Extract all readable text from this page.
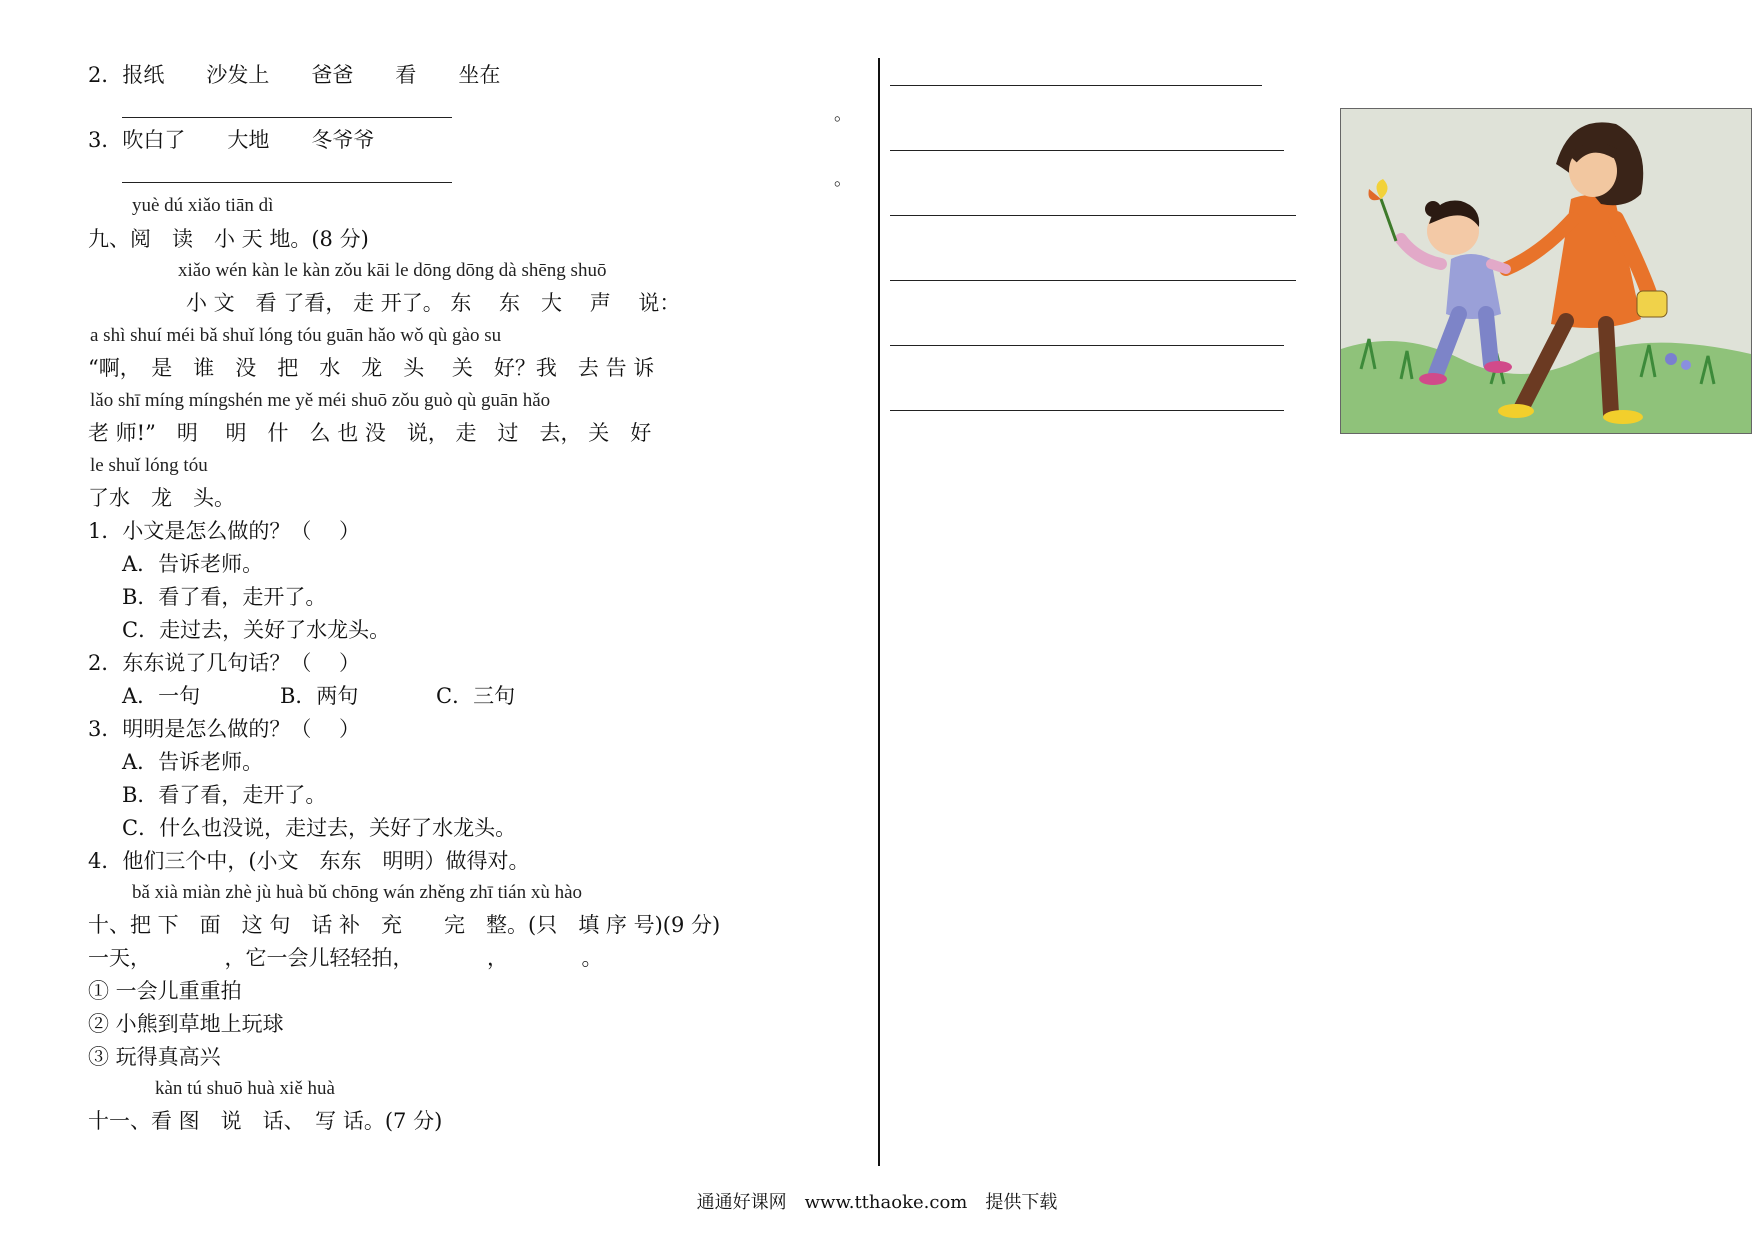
2．报纸　　沙发上　　爸爸　　看　　坐在
。
3．吹白了　　大地　　冬爷爷
。
yuè dú xiǎo tiān dì
九、阅　读　小 天 地。(8 分)
xiǎo wén kàn le kàn zǒu kāi le dōng dōng dà shēng shuō
小 文　看 了看， 走 开了。 东　 东　大　 声　 说：
a shì shuí méi bǎ shuǐ lóng tóu guān hǎo wǒ qù gào su
“啊，　是　谁　没　把　水　龙　头　 关　好？我　去 告 诉
lǎo shī míng míngshén me yě méi shuō zǒu guò qù guān hǎo
老 师!”　明　 明　什　么 也 没　说， 走　过　去， 关　好
le shuǐ lóng tóu
了水　龙　头。
1．小文是怎么做的？（　 ）
A．告诉老师。
B．看了看，走开了。
C．走过去，关好了水龙头。
2．东东说了几句话？（　 ）
A．一句	B．两句	C．三句
3．明明是怎么做的？（　 ）
A．告诉老师。
B．看了看，走开了。
C．什么也没说，走过去，关好了水龙头。
4．他们三个中，(小文　东东　明明）做得对。
bǎ xià miàn zhè jù huà bǔ chōng wán zhěng zhī tián xù hào
十、把 下　面　这 句　话 补　充　　完　整。(只　填 序 号)(9 分)
一天，　　　　，它一会儿轻轻拍，　　　　，　　　　。
① 一会儿重重拍
② 小熊到草地上玩球
③ 玩得真高兴
kàn tú shuō huà xiě huà
十一、看 图　说　话、　写 话。(7 分)
通通好课网　www.tthaoke.com　提供下载
